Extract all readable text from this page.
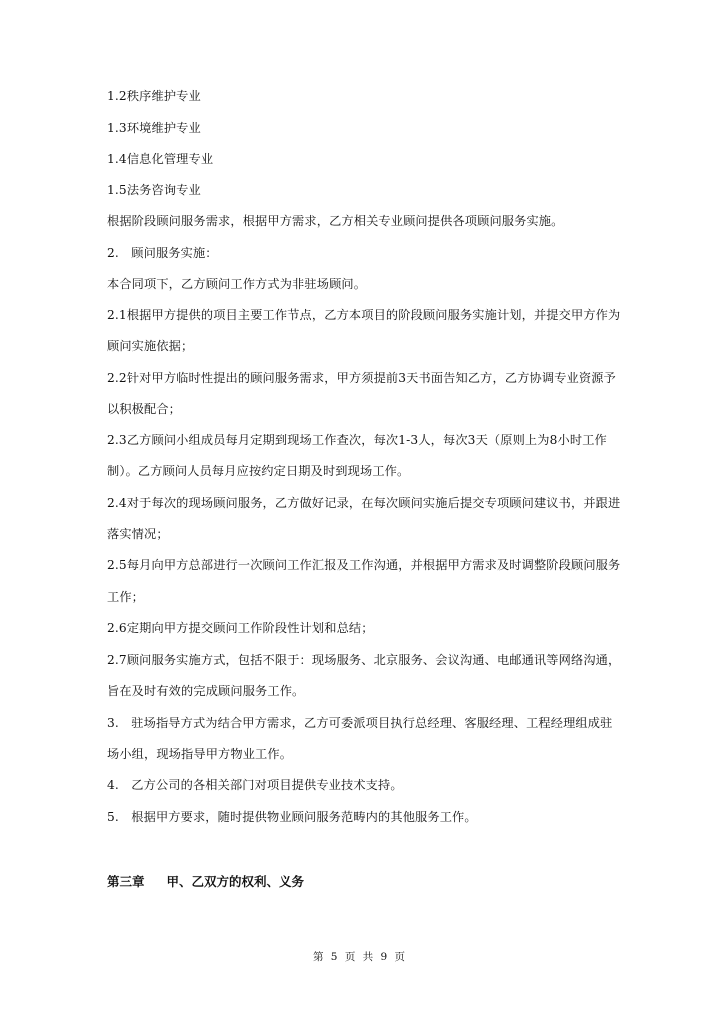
1.2秩序维护专业
1.3环境维护专业
1.4信息化管理专业
1.5法务咨询专业
根据阶段顾问服务需求，根据甲方需求，乙方相关专业顾问提供各项顾问服务实施。
2.　顾问服务实施：
本合同项下，乙方顾问工作方式为非驻场顾问。
2.1根据甲方提供的项目主要工作节点，乙方本项目的阶段顾问服务实施计划，并提交甲方作为
顾问实施依据；
2.2针对甲方临时性提出的顾问服务需求，甲方须提前3天书面告知乙方，乙方协调专业资源予
以积极配合；
2.3乙方顾问小组成员每月定期到现场工作查次，每次1-3人，每次3天（原则上为8小时工作
制）。乙方顾问人员每月应按约定日期及时到现场工作。
2.4对于每次的现场顾问服务，乙方做好记录，在每次顾问实施后提交专项顾问建议书，并跟进
落实情况；
2.5每月向甲方总部进行一次顾问工作汇报及工作沟通，并根据甲方需求及时调整阶段顾问服务
工作；
2.6定期向甲方提交顾问工作阶段性计划和总结；
2.7顾问服务实施方式，包括不限于：现场服务、北京服务、会议沟通、电邮通讯等网络沟通，
旨在及时有效的完成顾问服务工作。
3.　驻场指导方式为结合甲方需求，乙方可委派项目执行总经理、客服经理、工程经理组成驻
场小组，现场指导甲方物业工作。
4.　乙方公司的各相关部门对项目提供专业技术支持。
5.　根据甲方要求，随时提供物业顾问服务范畴内的其他服务工作。
第三章 甲、乙双方的权利、义务
第 5 页 共 9 页
